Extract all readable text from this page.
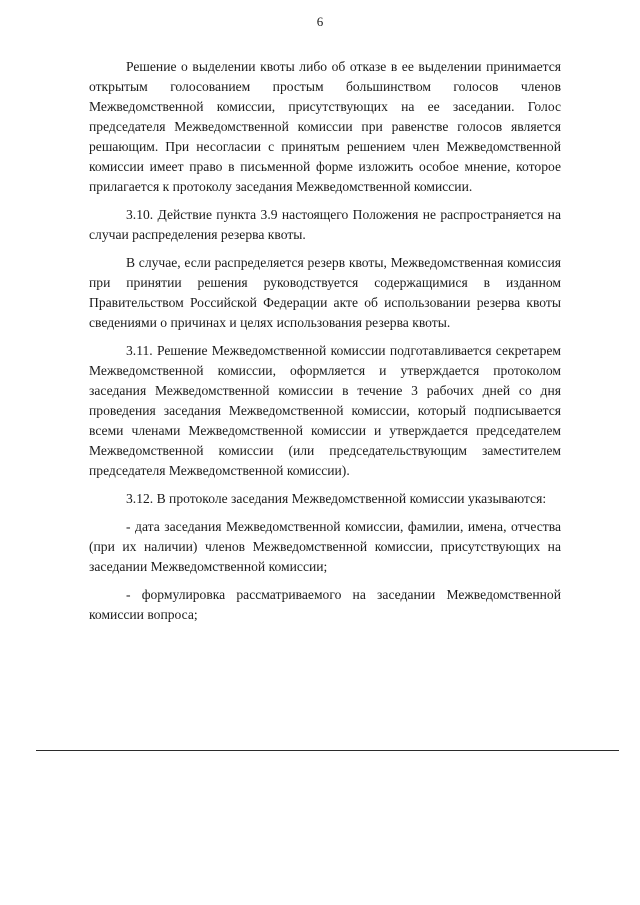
6

Решение о выделении квоты либо об отказе в ее выделении принимается открытым голосованием простым большинством голосов членов Межведомственной комиссии, присутствующих на ее заседании. Голос председателя Межведомственной комиссии при равенстве голосов является решающим. При несогласии с принятым решением член Межведомственной комиссии имеет право в письменной форме изложить особое мнение, которое прилагается к протоколу заседания Межведомственной комиссии.

3.10. Действие пункта 3.9 настоящего Положения не распространяется на случаи распределения резерва квоты.

В случае, если распределяется резерв квоты, Межведомственная комиссия при принятии решения руководствуется содержащимися в изданном Правительством Российской Федерации акте об использовании резерва квоты сведениями о причинах и целях использования резерва квоты.

3.11. Решение Межведомственной комиссии подготавливается секретарем Межведомственной комиссии, оформляется и утверждается протоколом заседания Межведомственной комиссии в течение 3 рабочих дней со дня проведения заседания Межведомственной комиссии, который подписывается всеми членами Межведомственной комиссии и утверждается председателем Межведомственной комиссии (или председательствующим заместителем председателя Межведомственной комиссии).

3.12. В протоколе заседания Межведомственной комиссии указываются:

- дата заседания Межведомственной комиссии, фамилии, имена, отчества (при их наличии) членов Межведомственной комиссии, присутствующих на заседании Межведомственной комиссии;

- формулировка рассматриваемого на заседании Межведомственной комиссии вопроса;
